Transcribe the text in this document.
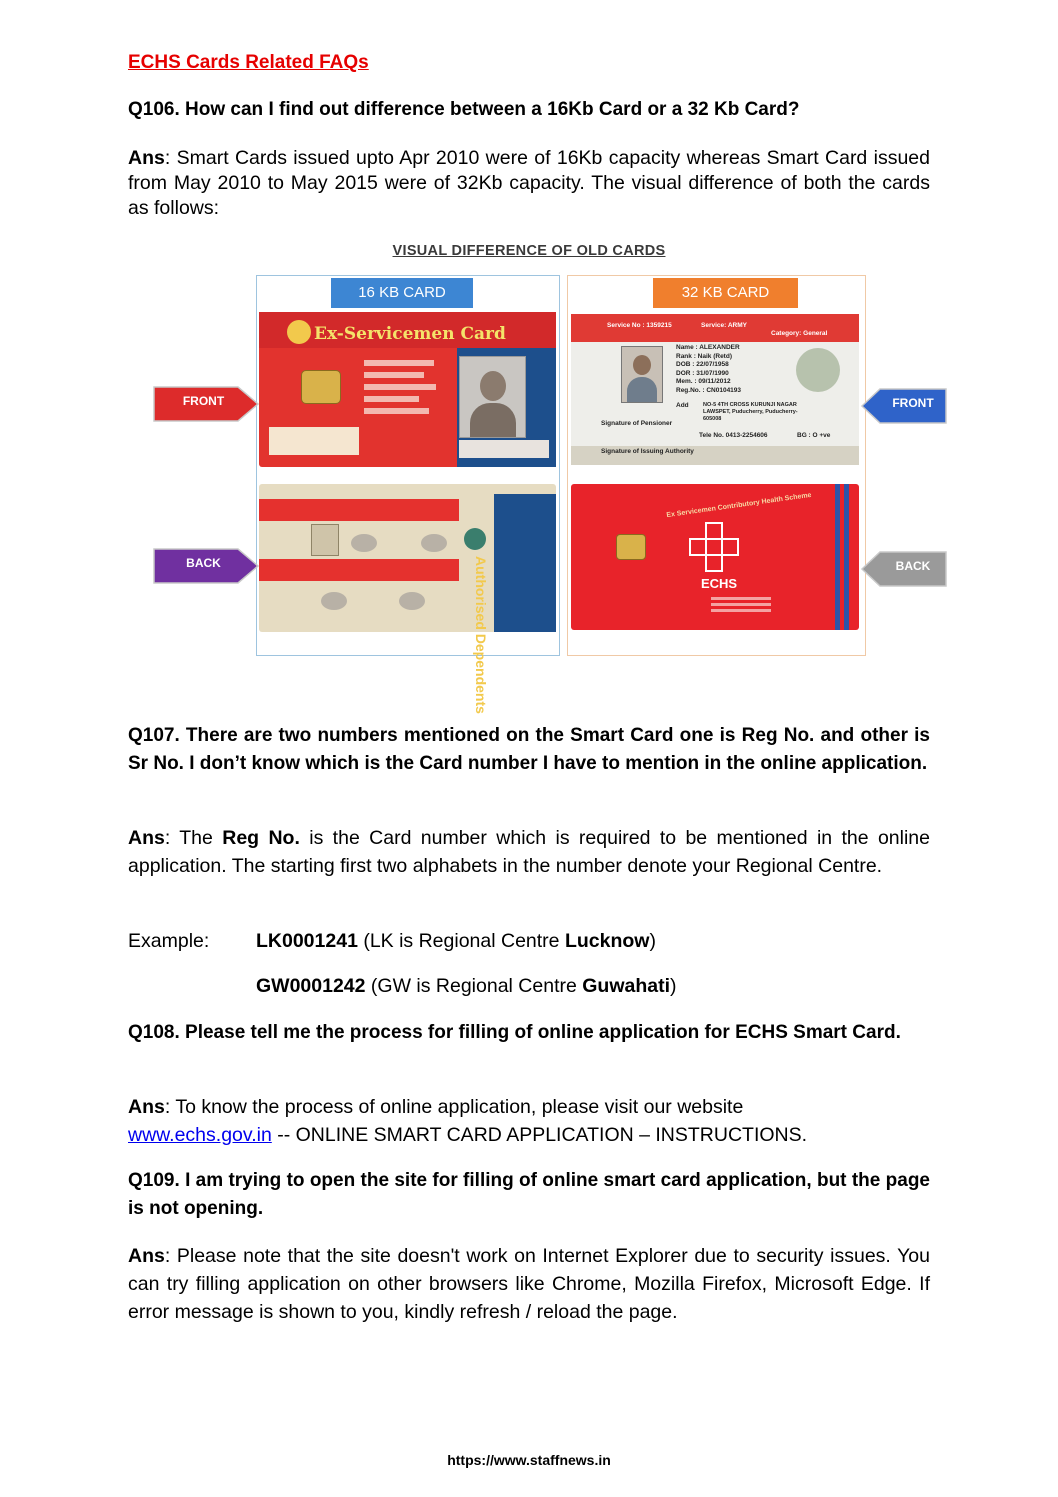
ECHS Cards Related FAQs
Q106. How can I find out difference between a 16Kb Card or a 32 Kb Card?
Ans: Smart Cards issued upto Apr 2010 were of 16Kb capacity whereas Smart Card issued from May 2010 to May 2015 were of 32Kb capacity. The visual difference of both the cards as follows:
VISUAL DIFFERENCE OF OLD CARDS
16 KB CARD
Ex-Servicemen Card
Authorised Dependents
32 KB CARD
Service No : 1359215	Service: ARMY
Category: General
Name : ALEXANDER
Rank : Naik (Retd)
DOB : 22/07/1958
DOR : 31/07/1990
Mem. : 09/11/2012
Reg.No. : CN0104193
Add	NO-5 4TH CROSS KURUNJI NAGAR LAWSPET, Puducherry, Puducherry-605008
Signature of Pensioner
Signature of Issuing Authority
Tele No. 0413-2254606	BG : O +ve
ECHS
Ex Servicemen Contributory Health Scheme
FRONT
BACK
FRONT
BACK
Q107. There are two numbers mentioned on the Smart Card one is Reg No. and other is Sr No. I don’t know which is the Card number I have to mention in the online application.
Ans: The Reg No. is the Card number which is required to be mentioned in the online application. The starting first two alphabets in the number denote your Regional Centre.
Example: LK0001241 (LK is Regional Centre Lucknow)
GW0001242 (GW is Regional Centre Guwahati)
Q108. Please tell me the process for filling of online application for ECHS Smart Card.
Ans: To know the process of online application, please visit our website
www.echs.gov.in -- ONLINE SMART CARD APPLICATION – INSTRUCTIONS.
Q109. I am trying to open the site for filling of online smart card application, but the page is not opening.
Ans: Please note that the site doesn't work on Internet Explorer due to security issues. You can try filling application on other browsers like Chrome, Mozilla Firefox, Microsoft Edge. If error message is shown to you, kindly refresh / reload the page.
https://www.staffnews.in
